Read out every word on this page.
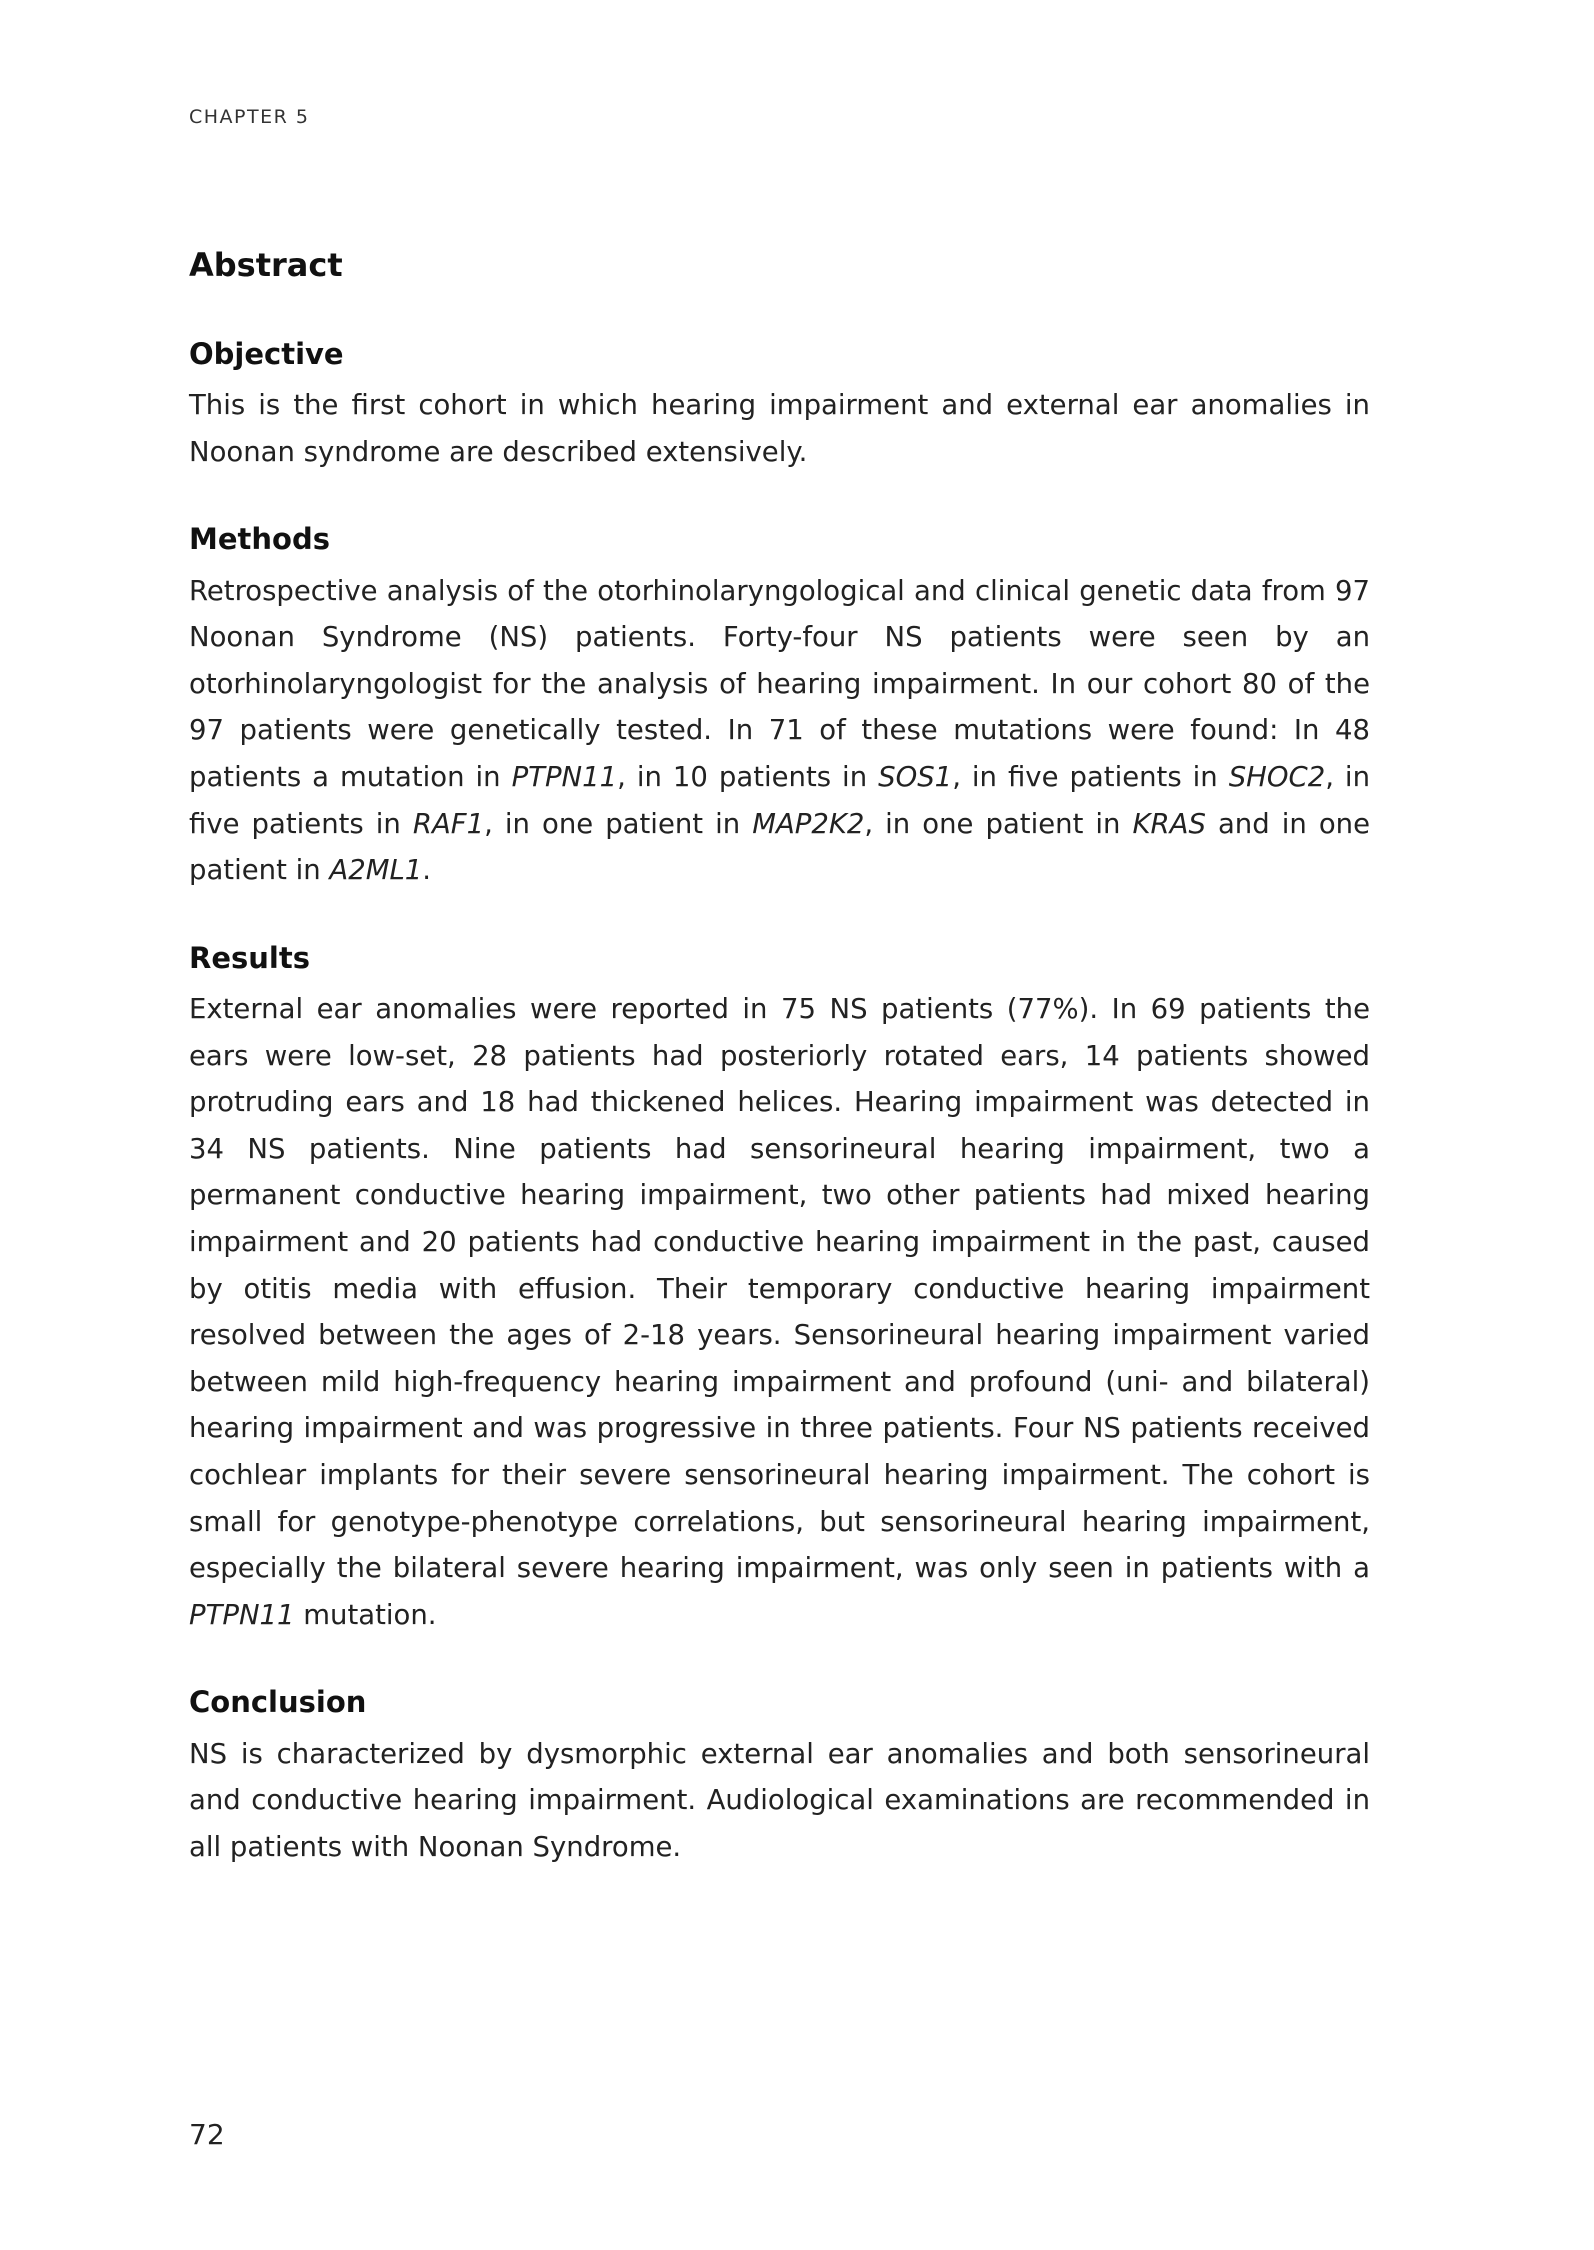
CHAPTER 5
Abstract
Objective

This is the first cohort in which hearing impairment and external ear anomalies in Noonan syndrome are described extensively.

Methods

Retrospective analysis of the otorhinolaryngological and clinical genetic data from 97 Noonan Syndrome (NS) patients. Forty-four NS patients were seen by an otorhinolaryngologist for the analysis of hearing impairment. In our cohort 80 of the 97 patients were genetically tested. In 71 of these mutations were found: In 48 patients a mutation in PTPN11, in 10 patients in SOS1, in five patients in SHOC2, in five patients in RAF1, in one patient in MAP2K2, in one patient in KRAS and in one patient in A2ML1.

Results

External ear anomalies were reported in 75 NS patients (77%). In 69 patients the ears were low-set, 28 patients had posteriorly rotated ears, 14 patients showed protruding ears and 18 had thickened helices. Hearing impairment was detected in 34 NS patients. Nine patients had sensorineural hearing impairment, two a permanent conductive hearing impairment, two other patients had mixed hearing impairment and 20 patients had conductive hearing impairment in the past, caused by otitis media with effusion. Their temporary conductive hearing impairment resolved between the ages of 2-18 years. Sensorineural hearing impairment varied between mild high-frequency hearing impairment and profound (uni- and bilateral) hearing impairment and was progressive in three patients. Four NS patients received cochlear implants for their severe sensorineural hearing impairment. The cohort is small for genotype-phenotype correlations, but sensorineural hearing impairment, especially the bilateral severe hearing impairment, was only seen in patients with a PTPN11 mutation.

Conclusion

NS is characterized by dysmorphic external ear anomalies and both sensorineural and conductive hearing impairment. Audiological examinations are recommended in all patients with Noonan Syndrome.

72
